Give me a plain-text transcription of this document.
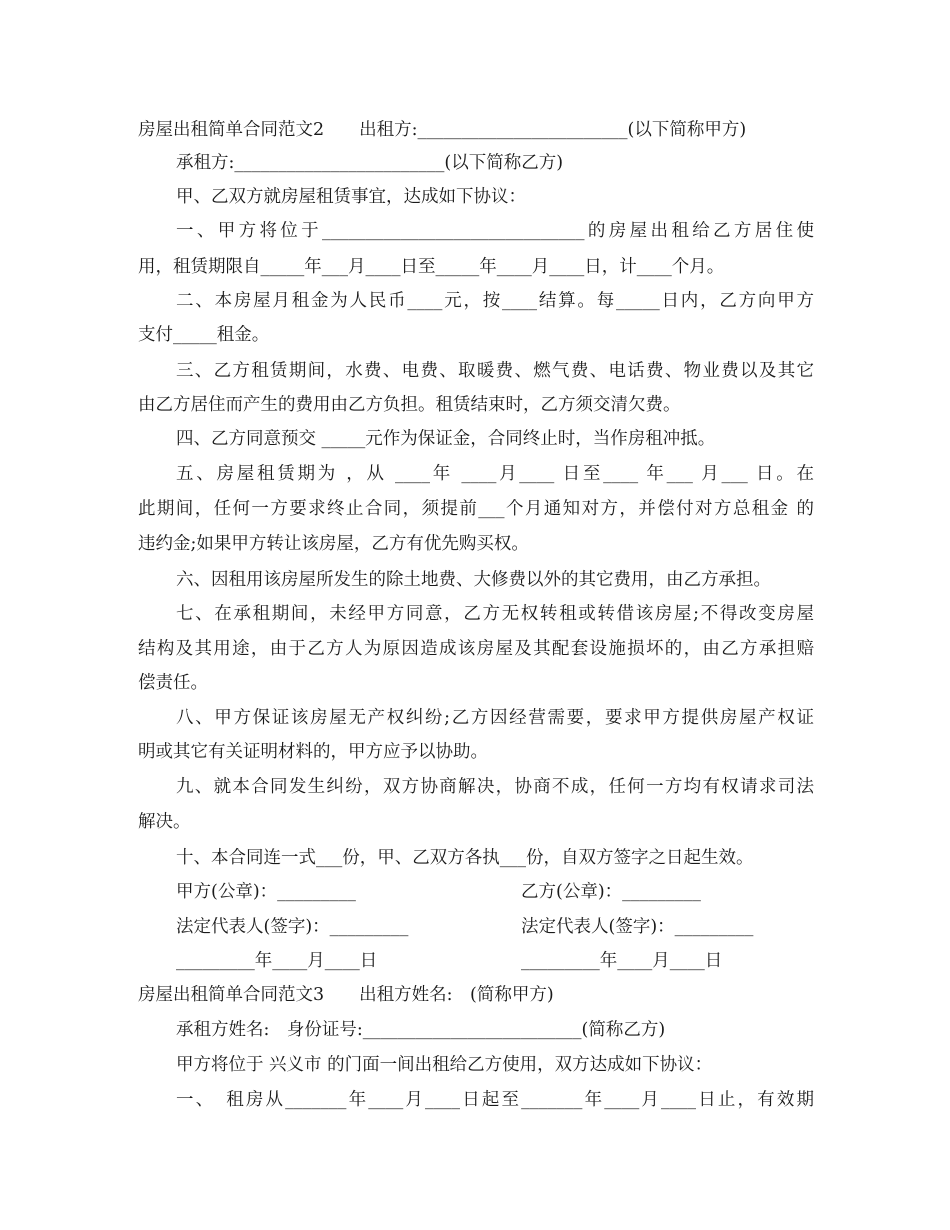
房屋出租简单合同范文2　　出租方:________________________(以下简称甲方)
承租方:________________________(以下简称乙方)
甲、乙双方就房屋租赁事宜，达成如下协议：
一、甲方将位于______________________________的房屋出租给乙方居住使
用，租赁期限自_____年___月____日至_____年____月____日，计____个月。
二、本房屋月租金为人民币____元，按____结算。每_____日内，乙方向甲方
支付_____租金。
三、乙方租赁期间，水费、电费、取暖费、燃气费、电话费、物业费以及其它
由乙方居住而产生的费用由乙方负担。租赁结束时，乙方须交清欠费。
四、乙方同意预交 _____元作为保证金，合同终止时，当作房租冲抵。
五、房屋租赁期为 ，从 ____年 ____月____ 日至____ 年___ 月___ 日。在
此期间，任何一方要求终止合同，须提前___个月通知对方，并偿付对方总租金 的
违约金;如果甲方转让该房屋，乙方有优先购买权。
六、因租用该房屋所发生的除土地费、大修费以外的其它费用，由乙方承担。
七、在承租期间，未经甲方同意，乙方无权转租或转借该房屋;不得改变房屋
结构及其用途，由于乙方人为原因造成该房屋及其配套设施损坏的，由乙方承担赔
偿责任。
八、甲方保证该房屋无产权纠纷;乙方因经营需要，要求甲方提供房屋产权证
明或其它有关证明材料的，甲方应予以协助。
九、就本合同发生纠纷，双方协商解决，协商不成，任何一方均有权请求司法
解决。
十、本合同连一式___份，甲、乙双方各执___份，自双方签字之日起生效。
甲方(公章)：_________	乙方(公章)：_________
法定代表人(签字)：_________	法定代表人(签字)：_________
_________年____月____日	_________年____月____日
房屋出租简单合同范文3　　出租方姓名:　(简称甲方)
承租方姓名:　身份证号:_________________________(简称乙方)
甲方将位于 兴义市 的门面一间出租给乙方使用，双方达成如下协议：
一、　租房从_______年____月____日起至_______年____月____日止，有效期
